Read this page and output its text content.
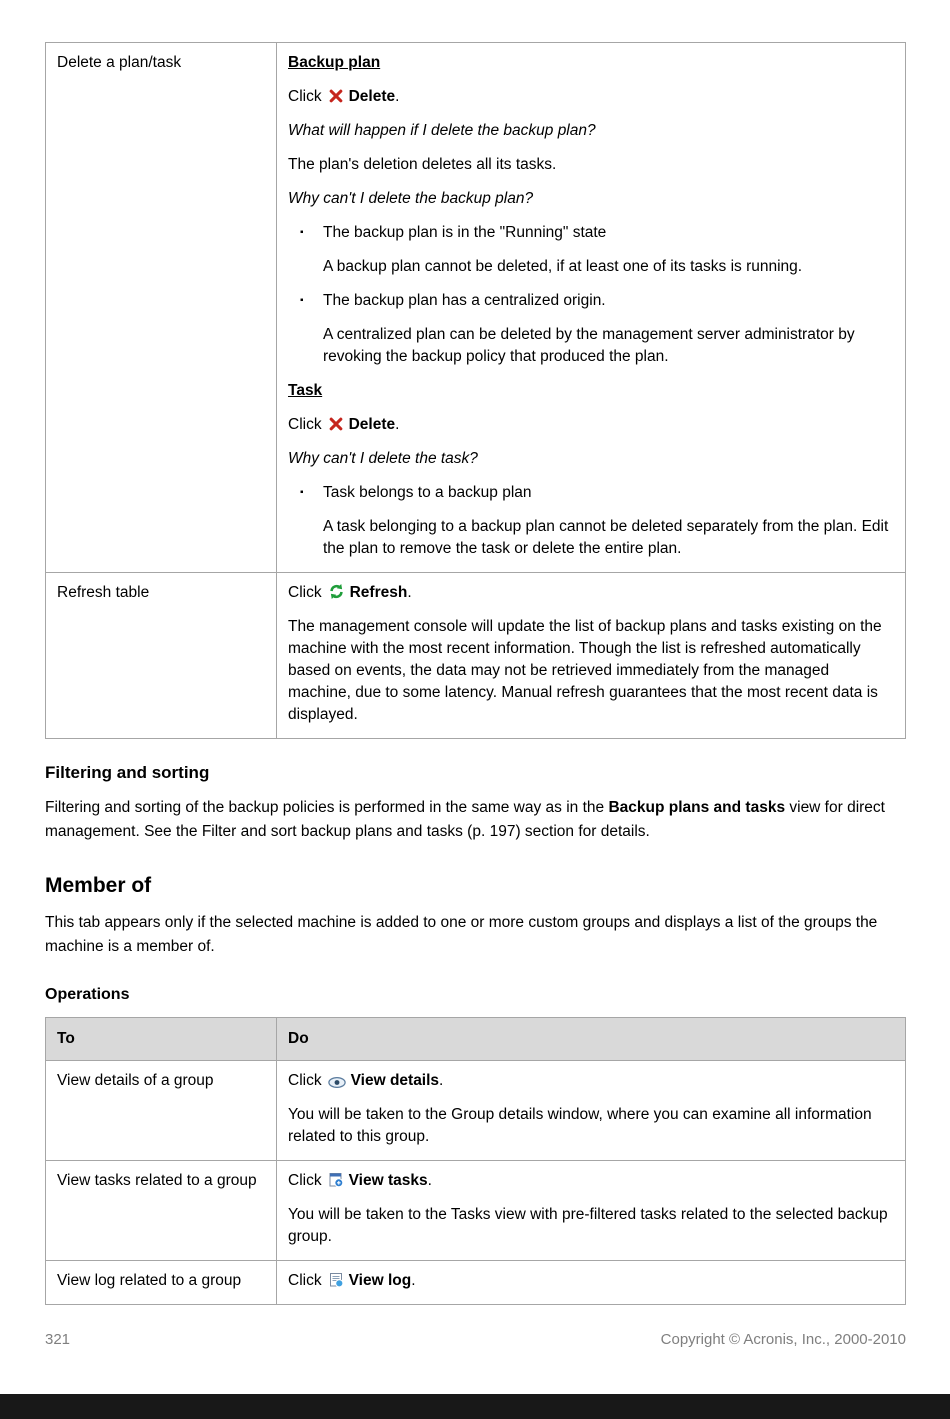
Delete a plan/task	Backup plan

Click Delete.

What will happen if I delete the backup plan?

The plan's deletion deletes all its tasks.

Why can't I delete the backup plan?

▪	The backup plan is in the "Running" state

A backup plan cannot be deleted, if at least one of its tasks is running.

▪	The backup plan has a centralized origin.

A centralized plan can be deleted by the management server administrator by revoking the backup policy that produced the plan.

Task

Click Delete.

Why can't I delete the task?

▪	Task belongs to a backup plan

A task belonging to a backup plan cannot be deleted separately from the plan. Edit the plan to remove the task or delete the entire plan.

Refresh table	Click Refresh.

The management console will update the list of backup plans and tasks existing on the machine with the most recent information. Though the list is refreshed automatically based on events, the data may not be retrieved immediately from the managed machine, due to some latency. Manual refresh guarantees that the most recent data is displayed.

Filtering and sorting

Filtering and sorting of the backup policies is performed in the same way as in the Backup plans and tasks view for direct management. See the Filter and sort backup plans and tasks (p. 197) section for details.

Member of

This tab appears only if the selected machine is added to one or more custom groups and displays a list of the groups the machine is a member of.

Operations
To	Do
View details of a group	Click View details.

You will be taken to the Group details window, where you can examine all information related to this group.

View tasks related to a group	Click View tasks.

You will be taken to the Tasks view with pre-filtered tasks related to the selected backup group.

View log related to a group	Click View log.

321	Copyright © Acronis, Inc., 2000-2010
